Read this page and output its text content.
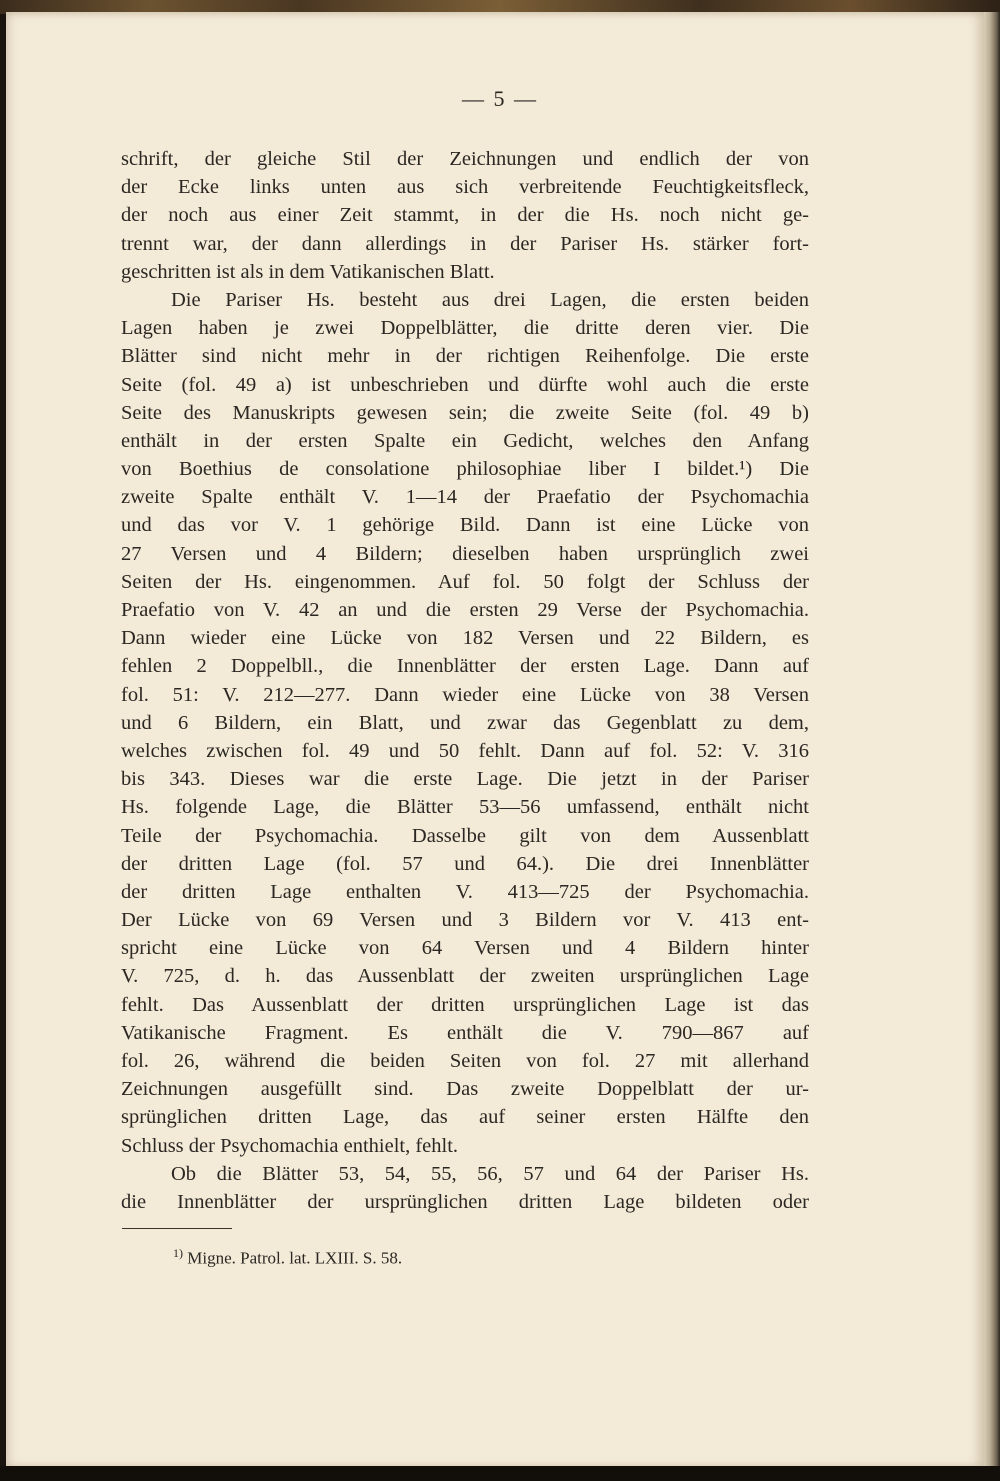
— 5 —
schrift, der gleiche Stil der Zeichnungen und endlich der von
der Ecke links unten aus sich verbreitende Feuchtigkeitsfleck,
der noch aus einer Zeit stammt, in der die Hs. noch nicht ge-
trennt war, der dann allerdings in der Pariser Hs. stärker fort-
geschritten ist als in dem Vatikanischen Blatt.
Die Pariser Hs. besteht aus drei Lagen, die ersten beiden
Lagen haben je zwei Doppelblätter, die dritte deren vier. Die
Blätter sind nicht mehr in der richtigen Reihenfolge. Die erste
Seite (fol. 49 a) ist unbeschrieben und dürfte wohl auch die erste
Seite des Manuskripts gewesen sein; die zweite Seite (fol. 49 b)
enthält in der ersten Spalte ein Gedicht, welches den Anfang
von Boethius de consolatione philosophiae liber I bildet.¹) Die
zweite Spalte enthält V. 1—14 der Praefatio der Psychomachia
und das vor V. 1 gehörige Bild. Dann ist eine Lücke von
27 Versen und 4 Bildern; dieselben haben ursprünglich zwei
Seiten der Hs. eingenommen. Auf fol. 50 folgt der Schluss der
Praefatio von V. 42 an und die ersten 29 Verse der Psychomachia.
Dann wieder eine Lücke von 182 Versen und 22 Bildern, es
fehlen 2 Doppelbll., die Innenblätter der ersten Lage. Dann auf
fol. 51: V. 212—277. Dann wieder eine Lücke von 38 Versen
und 6 Bildern, ein Blatt, und zwar das Gegenblatt zu dem,
welches zwischen fol. 49 und 50 fehlt. Dann auf fol. 52: V. 316
bis 343. Dieses war die erste Lage. Die jetzt in der Pariser
Hs. folgende Lage, die Blätter 53—56 umfassend, enthält nicht
Teile der Psychomachia. Dasselbe gilt von dem Aussenblatt
der dritten Lage (fol. 57 und 64.). Die drei Innenblätter
der dritten Lage enthalten V. 413—725 der Psychomachia.
Der Lücke von 69 Versen und 3 Bildern vor V. 413 ent-
spricht eine Lücke von 64 Versen und 4 Bildern hinter
V. 725, d. h. das Aussenblatt der zweiten ursprünglichen Lage
fehlt. Das Aussenblatt der dritten ursprünglichen Lage ist das
Vatikanische Fragment. Es enthält die V. 790—867 auf
fol. 26, während die beiden Seiten von fol. 27 mit allerhand
Zeichnungen ausgefüllt sind. Das zweite Doppelblatt der ur-
sprünglichen dritten Lage, das auf seiner ersten Hälfte den
Schluss der Psychomachia enthielt, fehlt.
Ob die Blätter 53, 54, 55, 56, 57 und 64 der Pariser Hs.
die Innenblätter der ursprünglichen dritten Lage bildeten oder
$^{1)}$ Migne. Patrol. lat. LXIII. S. 58.
